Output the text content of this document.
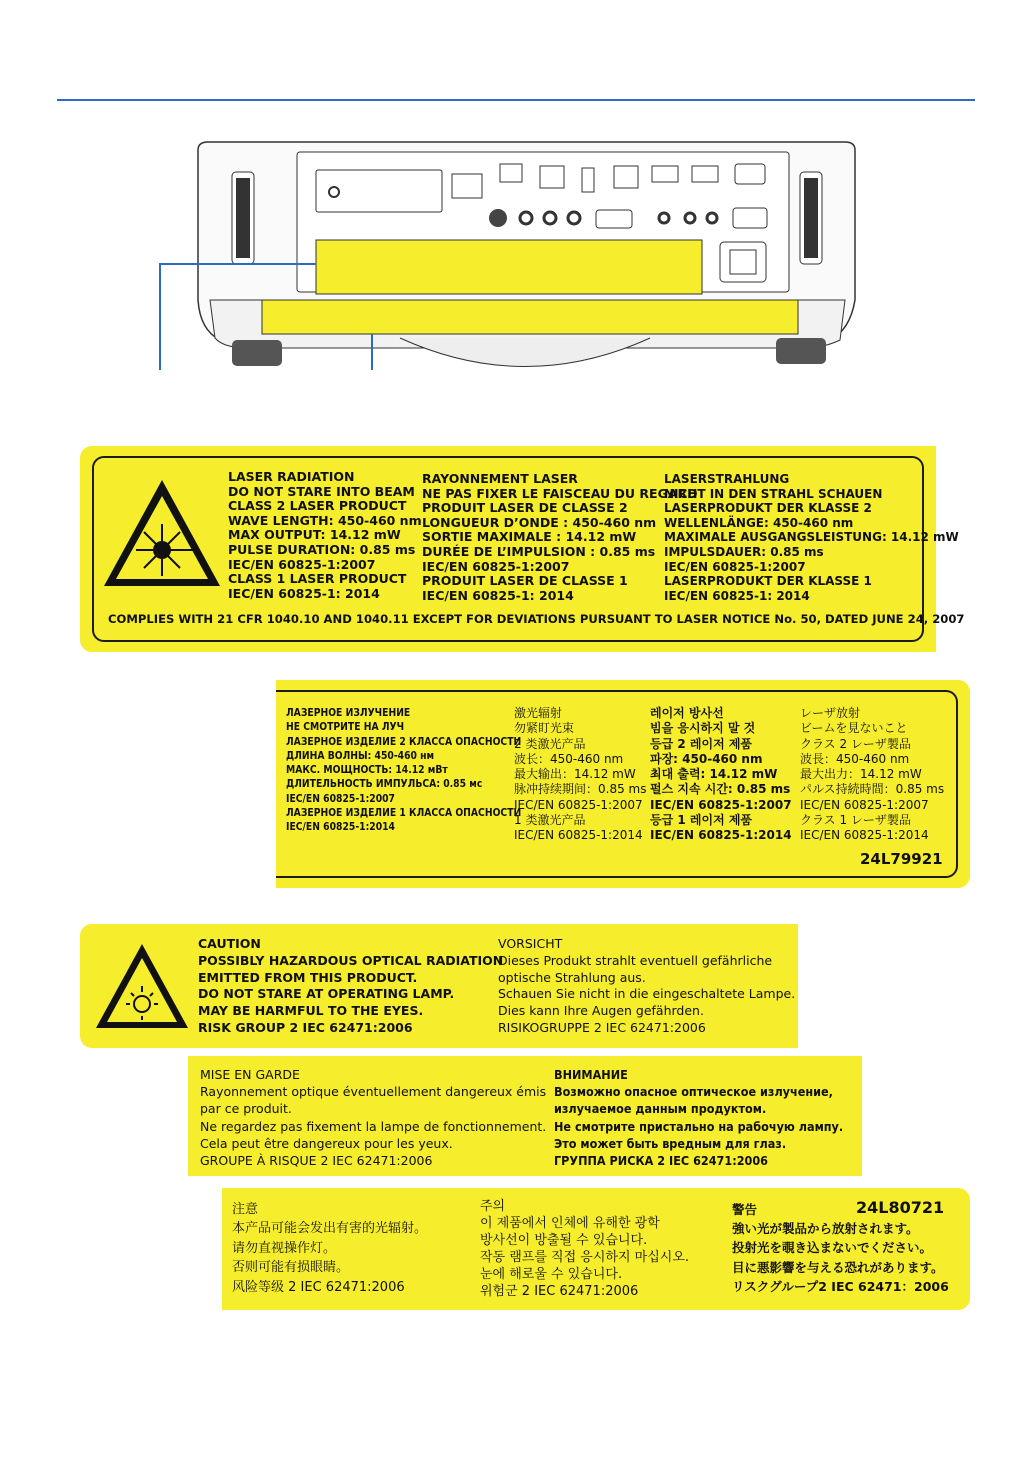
LASER RADIATION
DO NOT STARE INTO BEAM
CLASS 2 LASER PRODUCT
WAVE LENGTH: 450-460 nm
MAX OUTPUT: 14.12 mW
PULSE DURATION: 0.85 ms
IEC/EN 60825-1:2007
CLASS 1 LASER PRODUCT
IEC/EN 60825-1: 2014
RAYONNEMENT LASER
NE PAS FIXER LE FAISCEAU DU REGARD
PRODUIT LASER DE CLASSE 2
LONGUEUR D’ONDE : 450-460 nm
SORTIE MAXIMALE : 14.12 mW
DURÉE DE L’IMPULSION : 0.85 ms
IEC/EN 60825-1:2007
PRODUIT LASER DE CLASSE 1
IEC/EN 60825-1: 2014
LASERSTRAHLUNG
NICHT IN DEN STRAHL SCHAUEN
LASERPRODUKT DER KLASSE 2
WELLENLÄNGE: 450-460 nm
MAXIMALE AUSGANGSLEISTUNG: 14.12 mW
IMPULSDAUER: 0.85 ms
IEC/EN 60825-1:2007
LASERPRODUKT DER KLASSE 1
IEC/EN 60825-1: 2014
COMPLIES WITH 21 CFR 1040.10 AND 1040.11 EXCEPT FOR DEVIATIONS PURSUANT TO LASER NOTICE No. 50, DATED JUNE 24, 2007
ЛАЗЕРНОЕ ИЗЛУЧЕНИЕ
НЕ СМОТРИТЕ НА ЛУЧ
ЛАЗЕРНОЕ ИЗДЕЛИЕ 2 КЛАССА ОПАСНОСТИ
ДЛИНА ВОЛНЫ: 450-460 нм
МАКС. МОЩНОСТЬ: 14.12 мВт
ДЛИТЕЛЬНОСТЬ ИМПУЛЬСА: 0.85 мс
IEC/EN 60825-1:2007
ЛАЗЕРНОЕ ИЗДЕЛИЕ 1 КЛАССА ОПАСНОСТИ
IEC/EN 60825-1:2014
激光辐射
勿紧盯光束
2 类激光产品
波长：450-460 nm
最大输出：14.12 mW
脉冲持续期间：0.85 ms
IEC/EN 60825-1:2007
1 类激光产品
IEC/EN 60825-1:2014
레이저 방사선
빔을 응시하지 말 것
등급 2 레이저 제품
파장: 450-460 nm
최대 출력: 14.12 mW
펄스 지속 시간: 0.85 ms
IEC/EN 60825-1:2007
등급 1 레이저 제품
IEC/EN 60825-1:2014
レーザ放射
ビームを見ないこと
クラス 2 レーザ製品
波長：450-460 nm
最大出力：14.12 mW
パルス持続時間：0.85 ms
IEC/EN 60825-1:2007
クラス 1 レーザ製品
IEC/EN 60825-1:2014
24L79921
CAUTION
POSSIBLY HAZARDOUS OPTICAL RADIATION
EMITTED FROM THIS PRODUCT.
DO NOT STARE AT OPERATING LAMP.
MAY BE HARMFUL TO THE EYES.
RISK GROUP 2 IEC 62471:2006
VORSICHT
Dieses Produkt strahlt eventuell gefährliche
optische Strahlung aus.
Schauen Sie nicht in die eingeschaltete Lampe.
Dies kann Ihre Augen gefährden.
RISIKOGRUPPE 2 IEC 62471:2006
MISE EN GARDE
Rayonnement optique éventuellement dangereux émis
par ce produit.
Ne regardez pas fixement la lampe de fonctionnement.
Cela peut être dangereux pour les yeux.
GROUPE À RISQUE 2 IEC 62471:2006
ВНИМАНИЕ
Возможно опасное оптическое излучение,
излучаемое данным продуктом.
Не смотрите пристально на рабочую лампу.
Это может быть вредным для глаз.
ГРУППА РИСКА 2 IEC 62471:2006
注意
本产品可能会发出有害的光辐射。
请勿直视操作灯。
否则可能有损眼睛。
风险等级 2 IEC 62471:2006
주의
이 제품에서 인체에 유해한 광학
방사선이 방출될 수 있습니다.
작동 램프를 직접 응시하지 마십시오.
눈에 해로울 수 있습니다.
위험군 2 IEC 62471:2006
警告
強い光が製品から放射されます。
投射光を覗き込まないでください。
目に悪影響を与える恐れがあります。
リスクグループ2 IEC 62471：2006
24L80721
